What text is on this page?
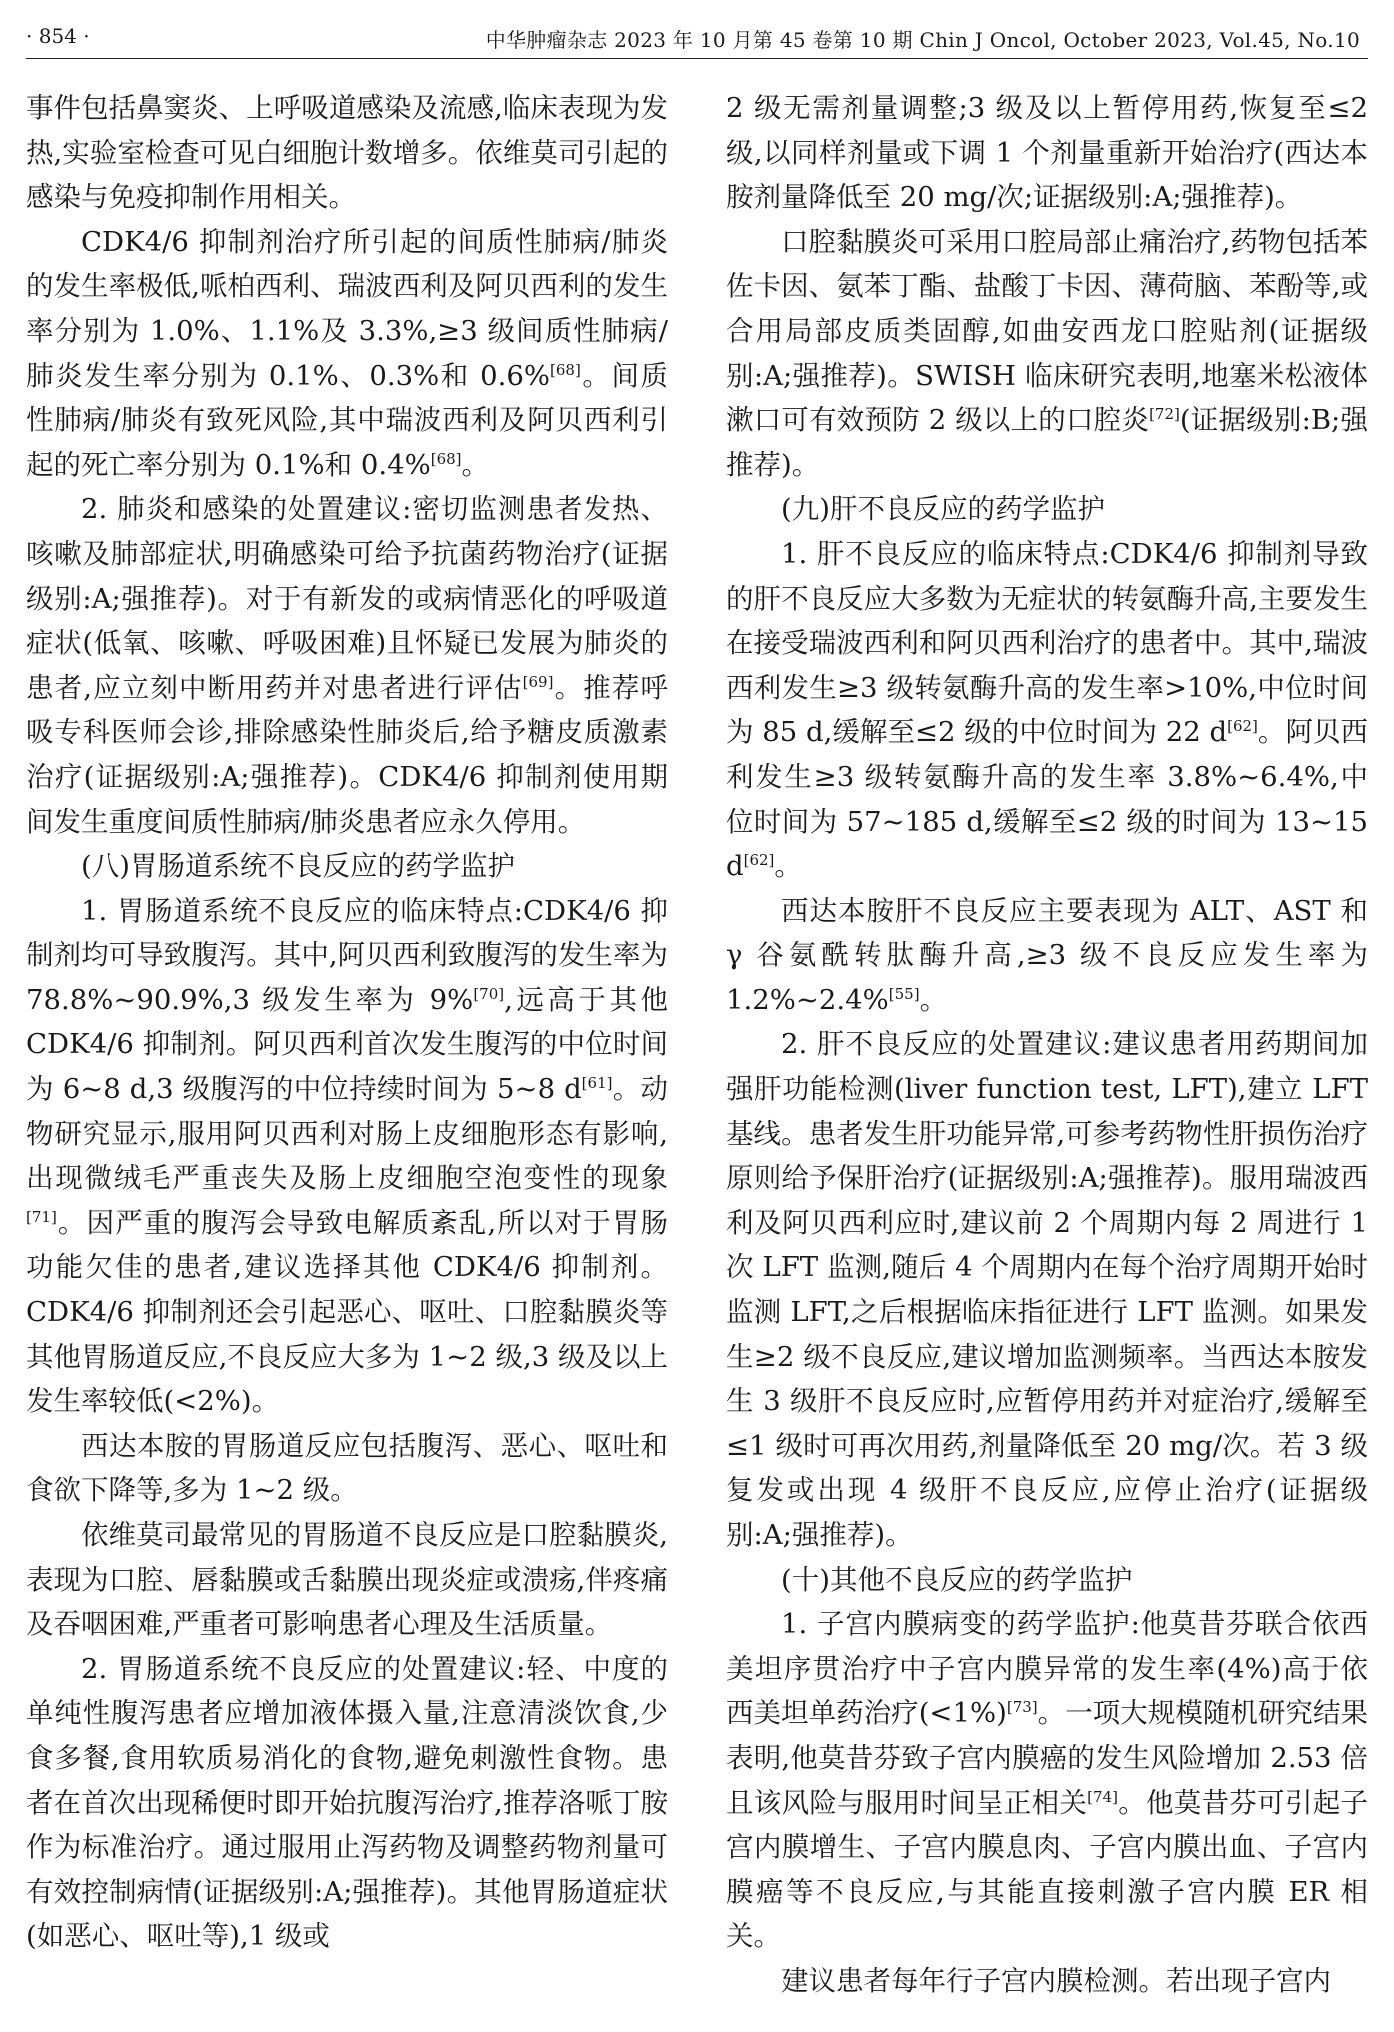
· 854 ·	中华肿瘤杂志 2023 年 10 月第 45 卷第 10 期 Chin J Oncol, October 2023, Vol.45, No.10

事件包括鼻窦炎、上呼吸道感染及流感,临床表现为发热,实验室检查可见白细胞计数增多。依维莫司引起的感染与免疫抑制作用相关。

CDK4/6 抑制剂治疗所引起的间质性肺病/肺炎的发生率极低,哌柏西利、瑞波西利及阿贝西利的发生率分别为 1.0%、1.1%及 3.3%,≥3 级间质性肺病/肺炎发生率分别为 0.1%、0.3%和 0.6%[68]。间质性肺病/肺炎有致死风险,其中瑞波西利及阿贝西利引起的死亡率分别为 0.1%和 0.4%[68]。

2. 肺炎和感染的处置建议:密切监测患者发热、咳嗽及肺部症状,明确感染可给予抗菌药物治疗(证据级别:A;强推荐)。对于有新发的或病情恶化的呼吸道症状(低氧、咳嗽、呼吸困难)且怀疑已发展为肺炎的患者,应立刻中断用药并对患者进行评估[69]。推荐呼吸专科医师会诊,排除感染性肺炎后,给予糖皮质激素治疗(证据级别:A;强推荐)。CDK4/6 抑制剂使用期间发生重度间质性肺病/肺炎患者应永久停用。

(八)胃肠道系统不良反应的药学监护

1. 胃肠道系统不良反应的临床特点:CDK4/6 抑制剂均可导致腹泻。其中,阿贝西利致腹泻的发生率为 78.8%~90.9%,3 级发生率为 9%[70],远高于其他 CDK4/6 抑制剂。阿贝西利首次发生腹泻的中位时间为 6~8 d,3 级腹泻的中位持续时间为 5~8 d[61]。动物研究显示,服用阿贝西利对肠上皮细胞形态有影响,出现微绒毛严重丧失及肠上皮细胞空泡变性的现象[71]。因严重的腹泻会导致电解质紊乱,所以对于胃肠功能欠佳的患者,建议选择其他 CDK4/6 抑制剂。CDK4/6 抑制剂还会引起恶心、呕吐、口腔黏膜炎等其他胃肠道反应,不良反应大多为 1~2 级,3 级及以上发生率较低(<2%)。

西达本胺的胃肠道反应包括腹泻、恶心、呕吐和食欲下降等,多为 1~2 级。

依维莫司最常见的胃肠道不良反应是口腔黏膜炎,表现为口腔、唇黏膜或舌黏膜出现炎症或溃疡,伴疼痛及吞咽困难,严重者可影响患者心理及生活质量。

2. 胃肠道系统不良反应的处置建议:轻、中度的单纯性腹泻患者应增加液体摄入量,注意清淡饮食,少食多餐,食用软质易消化的食物,避免刺激性食物。患者在首次出现稀便时即开始抗腹泻治疗,推荐洛哌丁胺作为标准治疗。通过服用止泻药物及调整药物剂量可有效控制病情(证据级别:A;强推荐)。其他胃肠道症状(如恶心、呕吐等),1 级或

2 级无需剂量调整;3 级及以上暂停用药,恢复至≤2 级,以同样剂量或下调 1 个剂量重新开始治疗(西达本胺剂量降低至 20 mg/次;证据级别:A;强推荐)。

口腔黏膜炎可采用口腔局部止痛治疗,药物包括苯佐卡因、氨苯丁酯、盐酸丁卡因、薄荷脑、苯酚等,或合用局部皮质类固醇,如曲安西龙口腔贴剂(证据级别:A;强推荐)。SWISH 临床研究表明,地塞米松液体漱口可有效预防 2 级以上的口腔炎[72](证据级别:B;强推荐)。

(九)肝不良反应的药学监护

1. 肝不良反应的临床特点:CDK4/6 抑制剂导致的肝不良反应大多数为无症状的转氨酶升高,主要发生在接受瑞波西利和阿贝西利治疗的患者中。其中,瑞波西利发生≥3 级转氨酶升高的发生率>10%,中位时间为 85 d,缓解至≤2 级的中位时间为 22 d[62]。阿贝西利发生≥3 级转氨酶升高的发生率 3.8%~6.4%,中位时间为 57~185 d,缓解至≤2 级的时间为 13~15 d[62]。

西达本胺肝不良反应主要表现为 ALT、AST 和 γ 谷氨酰转肽酶升高,≥3 级不良反应发生率为 1.2%~2.4%[55]。

2. 肝不良反应的处置建议:建议患者用药期间加强肝功能检测(liver function test, LFT),建立 LFT 基线。患者发生肝功能异常,可参考药物性肝损伤治疗原则给予保肝治疗(证据级别:A;强推荐)。服用瑞波西利及阿贝西利应时,建议前 2 个周期内每 2 周进行 1 次 LFT 监测,随后 4 个周期内在每个治疗周期开始时监测 LFT,之后根据临床指征进行 LFT 监测。如果发生≥2 级不良反应,建议增加监测频率。当西达本胺发生 3 级肝不良反应时,应暂停用药并对症治疗,缓解至≤1 级时可再次用药,剂量降低至 20 mg/次。若 3 级复发或出现 4 级肝不良反应,应停止治疗(证据级别:A;强推荐)。

(十)其他不良反应的药学监护

1. 子宫内膜病变的药学监护:他莫昔芬联合依西美坦序贯治疗中子宫内膜异常的发生率(4%)高于依西美坦单药治疗(<1%)[73]。一项大规模随机研究结果表明,他莫昔芬致子宫内膜癌的发生风险增加 2.53 倍且该风险与服用时间呈正相关[74]。他莫昔芬可引起子宫内膜增生、子宫内膜息肉、子宫内膜出血、子宫内膜癌等不良反应,与其能直接刺激子宫内膜 ER 相关。

建议患者每年行子宫内膜检测。若出现子宫内
